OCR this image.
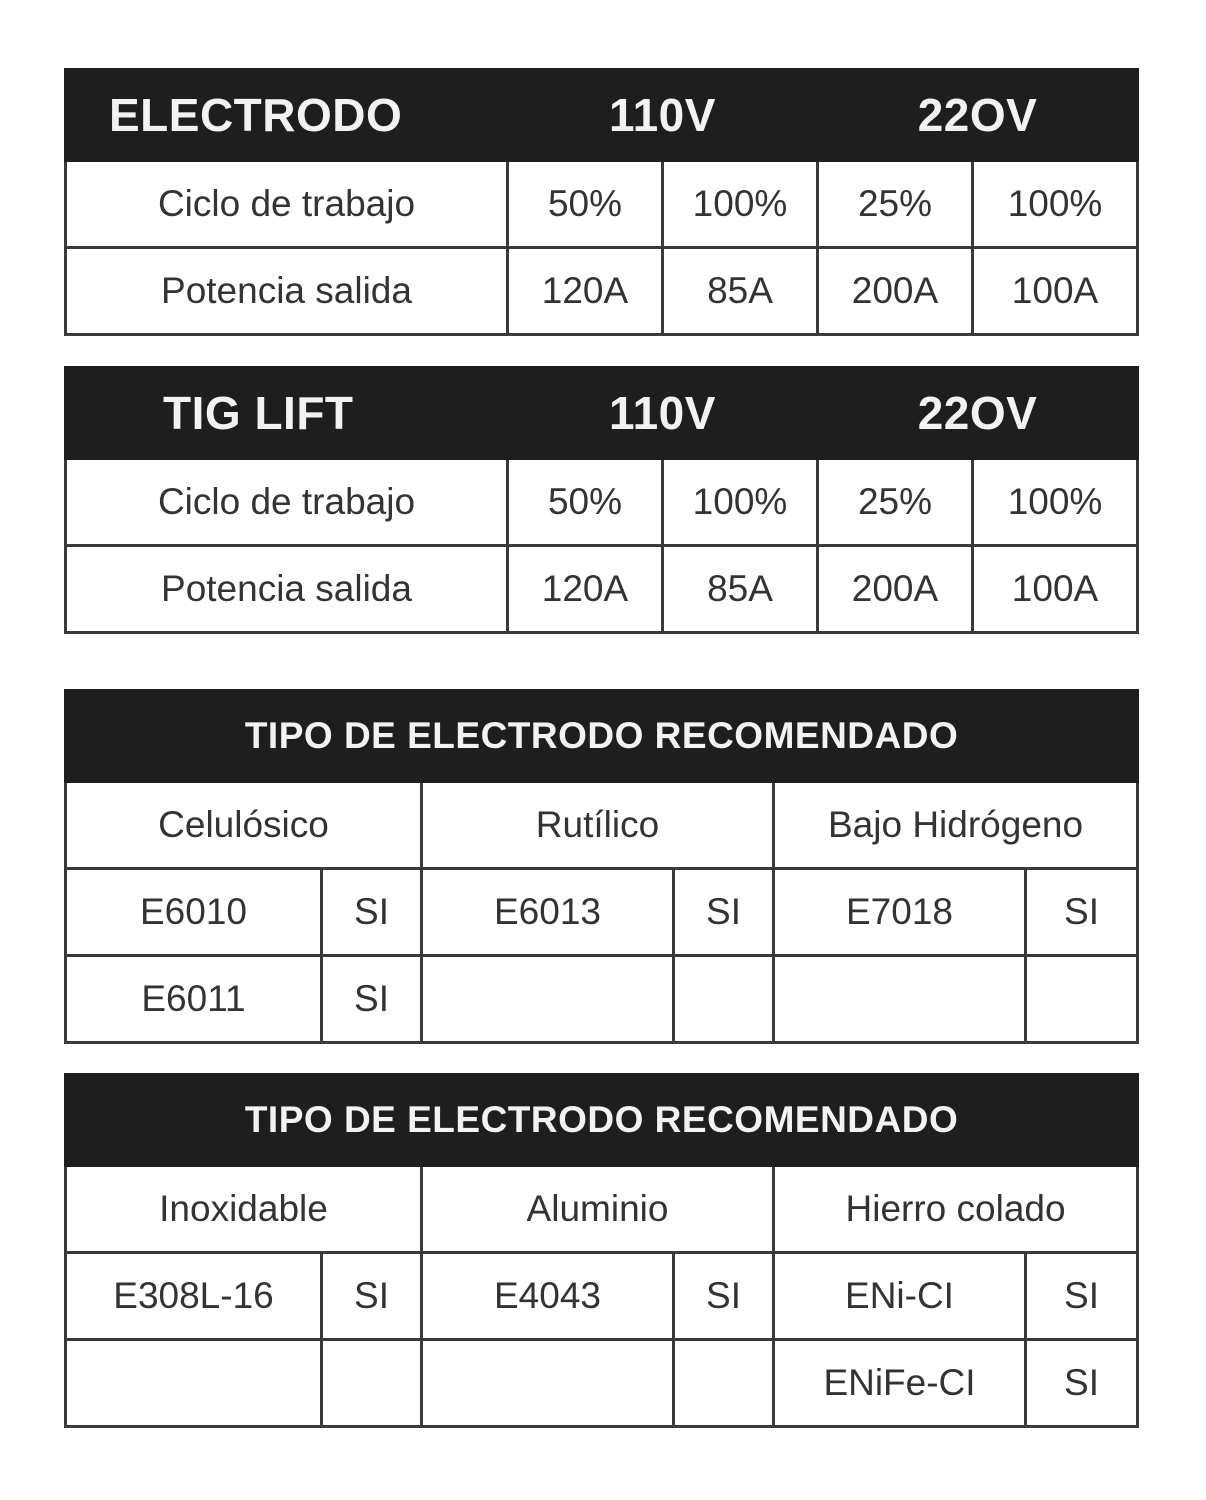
ELECTRODO	110V		22OV	
Ciclo de trabajo	50%	100%	25%	100%
Potencia salida	120A	85A	200A	100A
TIG LIFT	110V		22OV	
Ciclo de trabajo	50%	100%	25%	100%
Potencia salida	120A	85A	200A	100A
TIPO DE ELECTRODO RECOMENDADO					
Celulósico		Rutílico		Bajo Hidrógeno	
E6010	SI	E6013	SI	E7018	SI
E6011	SI				
TIPO DE ELECTRODO RECOMENDADO					
Inoxidable		Aluminio		Hierro colado	
E308L-16	SI	E4043	SI	ENi-CI	SI
				ENiFe-CI	SI
